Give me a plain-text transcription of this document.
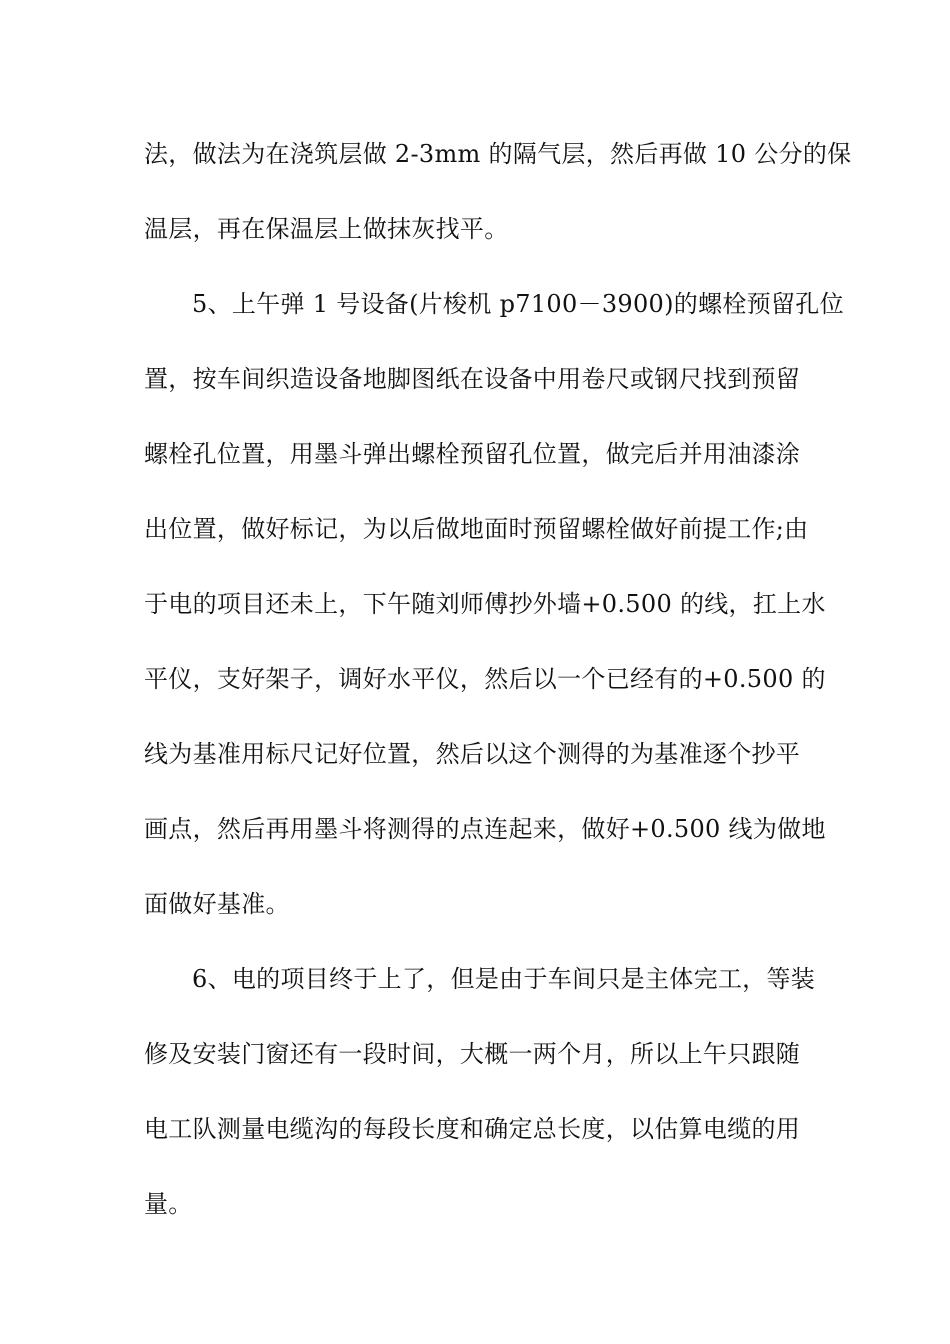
法，做法为在浇筑层做 2-3mm 的隔气层，然后再做 10 公分的保
温层，再在保温层上做抹灰找平。
5、上午弹 1 号设备(片梭机 p7100－3900)的螺栓预留孔位
置，按车间织造设备地脚图纸在设备中用卷尺或钢尺找到预留
螺栓孔位置，用墨斗弹出螺栓预留孔位置，做完后并用油漆涂
出位置，做好标记，为以后做地面时预留螺栓做好前提工作;由
于电的项目还未上，下午随刘师傅抄外墙+0.500 的线，扛上水
平仪，支好架子，调好水平仪，然后以一个已经有的+0.500 的
线为基准用标尺记好位置，然后以这个测得的为基准逐个抄平
画点，然后再用墨斗将测得的点连起来，做好+0.500 线为做地
面做好基准。
6、电的项目终于上了，但是由于车间只是主体完工，等装
修及安装门窗还有一段时间，大概一两个月，所以上午只跟随
电工队测量电缆沟的每段长度和确定总长度，以估算电缆的用
量。
